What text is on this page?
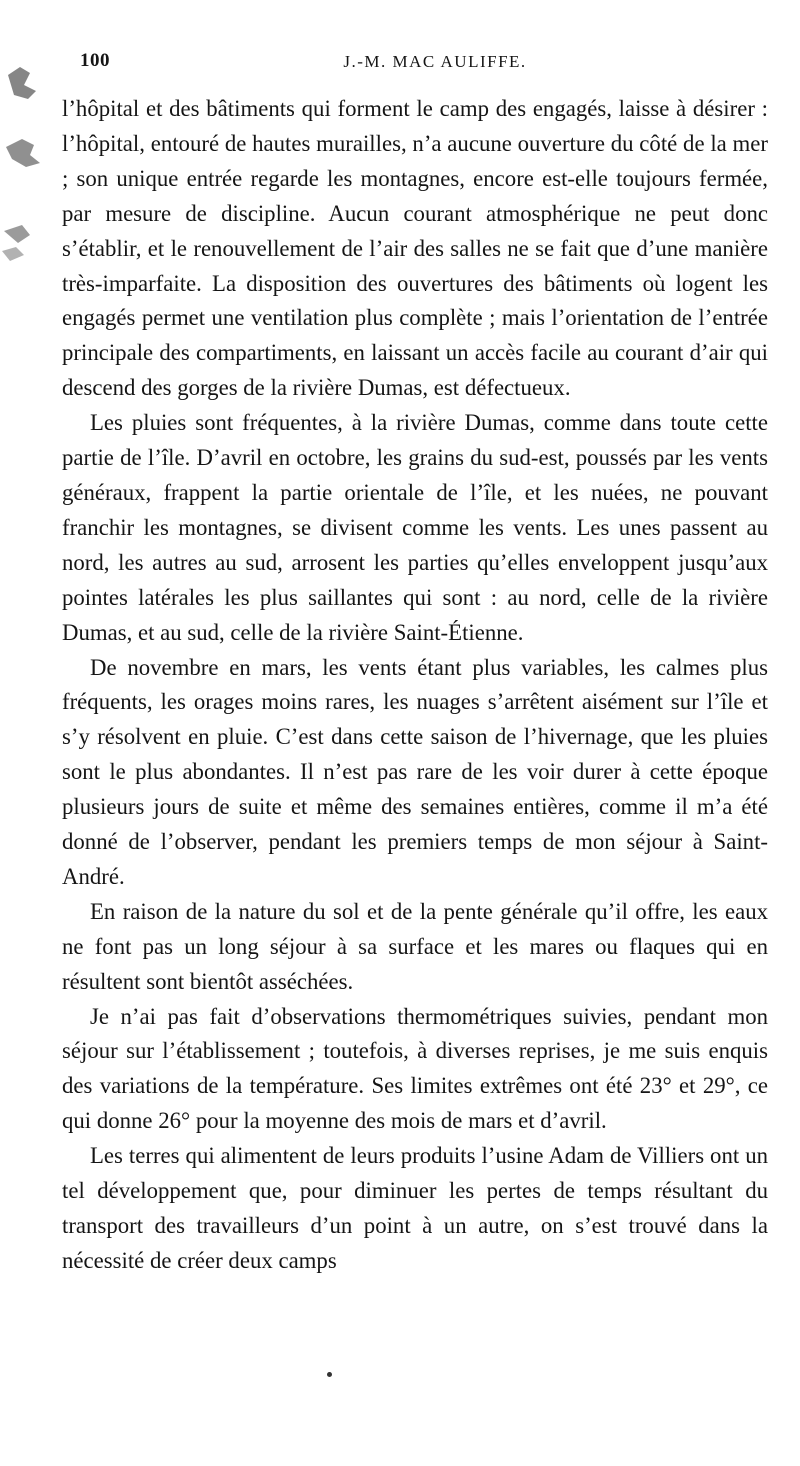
100	J.-M. MAC AULIFFE.

l’hôpital et des bâtiments qui forment le camp des engagés, laisse à désirer : l’hôpital, entouré de hautes murailles, n’a aucune ouverture du côté de la mer ; son unique entrée regarde les montagnes, encore est-elle toujours fermée, par mesure de discipline. Aucun courant atmosphérique ne peut donc s’établir, et le renouvellement de l’air des salles ne se fait que d’une manière très-imparfaite. La disposition des ouvertures des bâtiments où logent les engagés permet une ventilation plus complète ; mais l’orientation de l’entrée principale des compartiments, en laissant un accès facile au courant d’air qui descend des gorges de la rivière Dumas, est défectueux.

Les pluies sont fréquentes, à la rivière Dumas, comme dans toute cette partie de l’île. D’avril en octobre, les grains du sud-est, poussés par les vents généraux, frappent la partie orientale de l’île, et les nuées, ne pouvant franchir les montagnes, se divisent comme les vents. Les unes passent au nord, les autres au sud, arrosent les parties qu’elles enveloppent jusqu’aux pointes latérales les plus saillantes qui sont : au nord, celle de la rivière Dumas, et au sud, celle de la rivière Saint-Étienne.

De novembre en mars, les vents étant plus variables, les calmes plus fréquents, les orages moins rares, les nuages s’arrêtent aisément sur l’île et s’y résolvent en pluie. C’est dans cette saison de l’hivernage, que les pluies sont le plus abondantes. Il n’est pas rare de les voir durer à cette époque plusieurs jours de suite et même des semaines entières, comme il m’a été donné de l’observer, pendant les premiers temps de mon séjour à Saint-André.

En raison de la nature du sol et de la pente générale qu’il offre, les eaux ne font pas un long séjour à sa surface et les mares ou flaques qui en résultent sont bientôt asséchées.

Je n’ai pas fait d’observations thermométriques suivies, pendant mon séjour sur l’établissement ; toutefois, à diverses reprises, je me suis enquis des variations de la température. Ses limites extrêmes ont été 23° et 29°, ce qui donne 26° pour la moyenne des mois de mars et d’avril.

Les terres qui alimentent de leurs produits l’usine Adam de Villiers ont un tel développement que, pour diminuer les pertes de temps résultant du transport des travailleurs d’un point à un autre, on s’est trouvé dans la nécessité de créer deux camps
